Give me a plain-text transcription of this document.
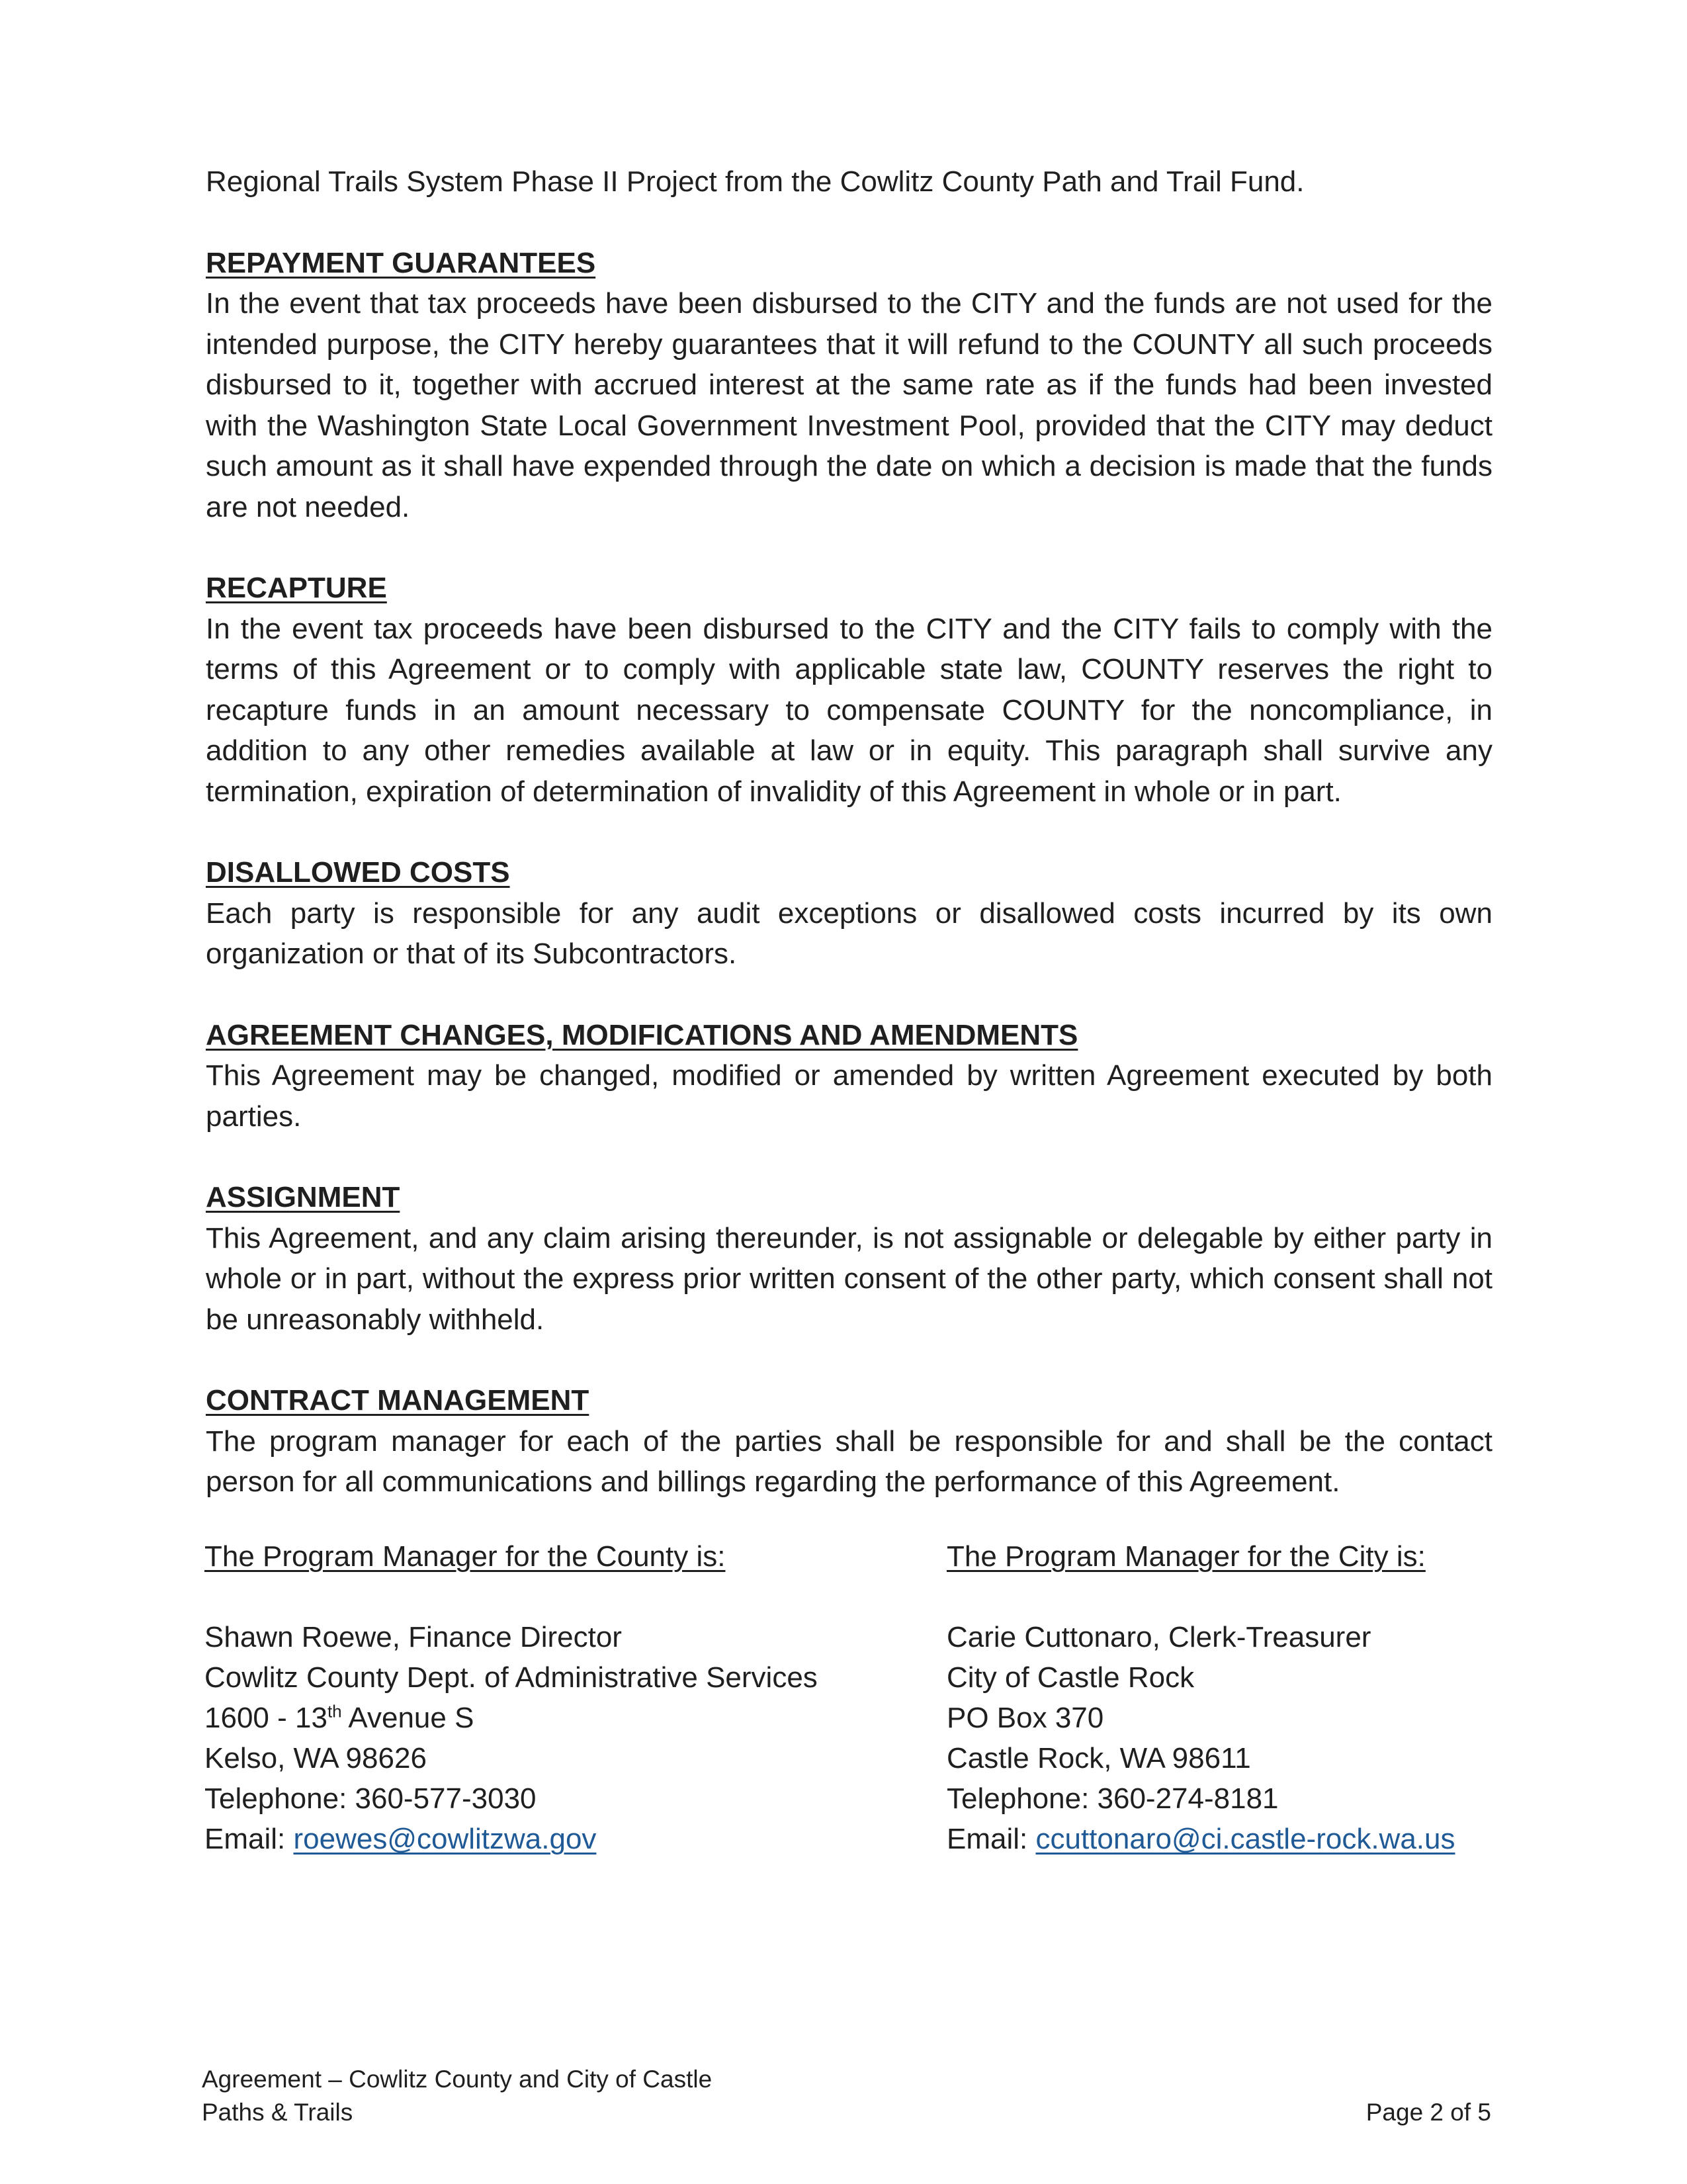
Regional Trails System Phase II Project from the Cowlitz County Path and Trail Fund.

REPAYMENT GUARANTEES

In the event that tax proceeds have been disbursed to the CITY and the funds are not used for the intended purpose, the CITY hereby guarantees that it will refund to the COUNTY all such proceeds disbursed to it, together with accrued interest at the same rate as if the funds had been invested with the Washington State Local Government Investment Pool, provided that the CITY may deduct such amount as it shall have expended through the date on which a decision is made that the funds are not needed.

RECAPTURE

In the event tax proceeds have been disbursed to the CITY and the CITY fails to comply with the terms of this Agreement or to comply with applicable state law, COUNTY reserves the right to recapture funds in an amount necessary to compensate COUNTY for the noncompliance, in addition to any other remedies available at law or in equity. This paragraph shall survive any termination, expiration of determination of invalidity of this Agreement in whole or in part.

DISALLOWED COSTS

Each party is responsible for any audit exceptions or disallowed costs incurred by its own organization or that of its Subcontractors.

AGREEMENT CHANGES, MODIFICATIONS AND AMENDMENTS

This Agreement may be changed, modified or amended by written Agreement executed by both parties.

ASSIGNMENT

This Agreement, and any claim arising thereunder, is not assignable or delegable by either party in whole or in part, without the express prior written consent of the other party, which consent shall not be unreasonably withheld.

CONTRACT MANAGEMENT

The program manager for each of the parties shall be responsible for and shall be the contact person for all communications and billings regarding the performance of this Agreement.

The Program Manager for the County is:
Shawn Roewe, Finance Director
Cowlitz County Dept. of Administrative Services
1600 - 13th Avenue S
Kelso, WA 98626
Telephone: 360-577-3030
Email: roewes@cowlitzwa.gov
The Program Manager for the City is:
Carie Cuttonaro, Clerk-Treasurer
City of Castle Rock
PO Box 370
Castle Rock, WA 98611
Telephone: 360-274-8181
Email: ccuttonaro@ci.castle-rock.wa.us
Agreement – Cowlitz County and City of Castle
Paths & Trails	Page 2 of 5
